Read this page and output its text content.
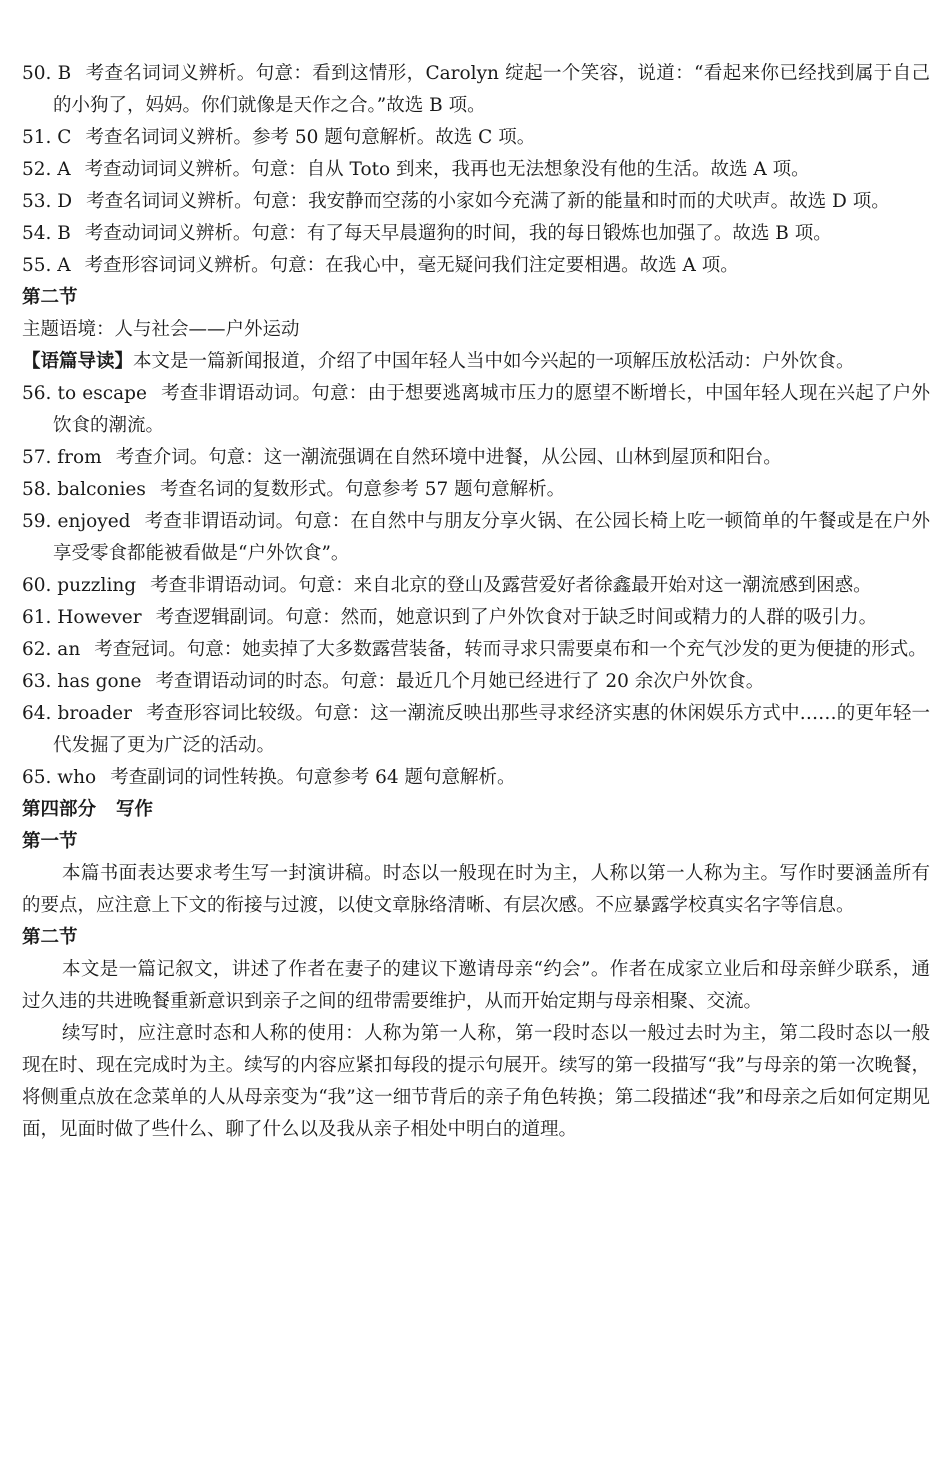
50. B 考查名词词义辨析。句意：看到这情形，Carolyn 绽起一个笑容，说道：“看起来你已经找到属于自己的小狗了，妈妈。你们就像是天作之合。”故选 B 项。

51. C 考查名词词义辨析。参考 50 题句意解析。故选 C 项。

52. A 考查动词词义辨析。句意：自从 Toto 到来，我再也无法想象没有他的生活。故选 A 项。

53. D 考查名词词义辨析。句意：我安静而空荡的小家如今充满了新的能量和时而的犬吠声。故选 D 项。

54. B 考查动词词义辨析。句意：有了每天早晨遛狗的时间，我的每日锻炼也加强了。故选 B 项。

55. A 考查形容词词义辨析。句意：在我心中，毫无疑问我们注定要相遇。故选 A 项。

第二节

主题语境：人与社会——户外运动

【语篇导读】本文是一篇新闻报道，介绍了中国年轻人当中如今兴起的一项解压放松活动：户外饮食。

56. to escape 考查非谓语动词。句意：由于想要逃离城市压力的愿望不断增长，中国年轻人现在兴起了户外饮食的潮流。

57. from 考查介词。句意：这一潮流强调在自然环境中进餐，从公园、山林到屋顶和阳台。

58. balconies 考查名词的复数形式。句意参考 57 题句意解析。

59. enjoyed 考查非谓语动词。句意：在自然中与朋友分享火锅、在公园长椅上吃一顿简单的午餐或是在户外享受零食都能被看做是“户外饮食”。

60. puzzling 考查非谓语动词。句意：来自北京的登山及露营爱好者徐鑫最开始对这一潮流感到困惑。

61. However 考查逻辑副词。句意：然而，她意识到了户外饮食对于缺乏时间或精力的人群的吸引力。

62. an 考查冠词。句意：她卖掉了大多数露营装备，转而寻求只需要桌布和一个充气沙发的更为便捷的形式。

63. has gone 考查谓语动词的时态。句意：最近几个月她已经进行了 20 余次户外饮食。

64. broader 考查形容词比较级。句意：这一潮流反映出那些寻求经济实惠的休闲娱乐方式中……的更年轻一代发掘了更为广泛的活动。

65. who 考查副词的词性转换。句意参考 64 题句意解析。

第四部分 写作

第一节

本篇书面表达要求考生写一封演讲稿。时态以一般现在时为主，人称以第一人称为主。写作时要涵盖所有的要点，应注意上下文的衔接与过渡，以使文章脉络清晰、有层次感。不应暴露学校真实名字等信息。

第二节

本文是一篇记叙文，讲述了作者在妻子的建议下邀请母亲“约会”。作者在成家立业后和母亲鲜少联系，通过久违的共进晚餐重新意识到亲子之间的纽带需要维护，从而开始定期与母亲相聚、交流。

续写时，应注意时态和人称的使用：人称为第一人称，第一段时态以一般过去时为主，第二段时态以一般现在时、现在完成时为主。续写的内容应紧扣每段的提示句展开。续写的第一段描写“我”与母亲的第一次晚餐，将侧重点放在念菜单的人从母亲变为“我”这一细节背后的亲子角色转换；第二段描述“我”和母亲之后如何定期见面，见面时做了些什么、聊了什么以及我从亲子相处中明白的道理。
